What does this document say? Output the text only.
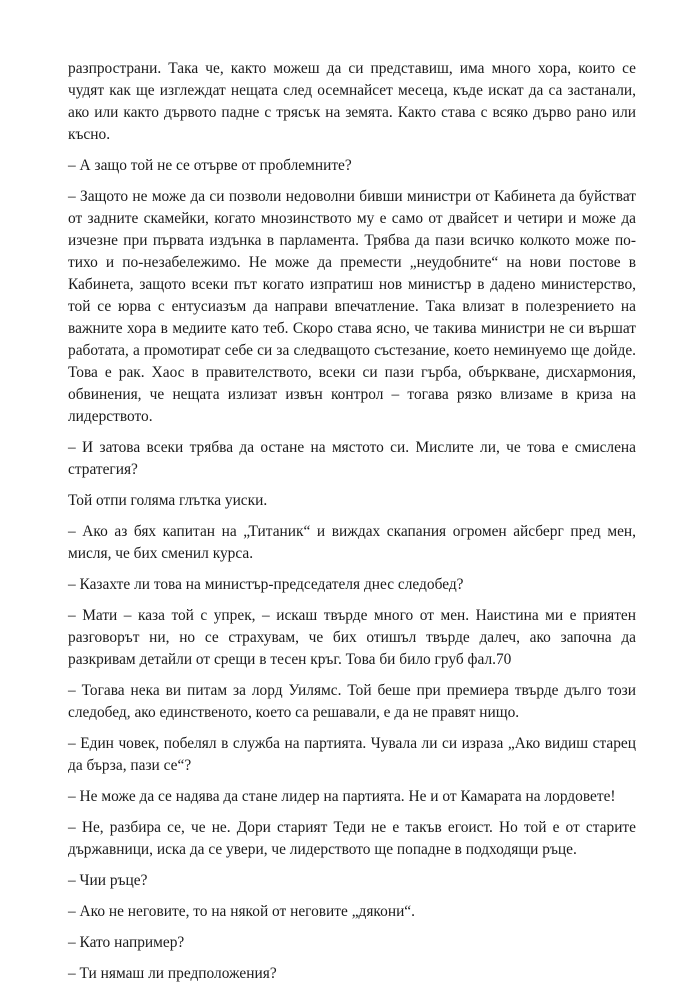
разпространи. Така че, както можеш да си представиш, има много хора, които се чудят как ще изглеждат нещата след осемнайсет месеца, къде искат да са застанали, ако или както дървото падне с трясък на земята. Както става с всяко дърво рано или късно.

– А защо той не се отърве от проблемните?

– Защото не може да си позволи недоволни бивши министри от Кабинета да буйстват от задните скамейки, когато мнозинството му е само от двайсет и четири и може да изчезне при първата издънка в парламента. Трябва да пази всичко колкото може по-тихо и по-незабележимо. Не може да премести „неудобните“ на нови постове в Кабинета, защото всеки път когато изпратиш нов министър в дадено министерство, той се юрва с ентусиазъм да направи впечатление. Така влизат в полезрението на важните хора в медиите като теб. Скоро става ясно, че такива министри не си вършат работата, а промотират себе си за следващото състезание, което неминуемо ще дойде. Това е рак. Хаос в правителството, всеки си пази гърба, объркване, дисхармония, обвинения, че нещата излизат извън контрол – тогава рязко влизаме в криза на лидерството.

– И затова всеки трябва да остане на мястото си. Мислите ли, че това е смислена стратегия?

Той отпи голяма глътка уиски.

– Ако аз бях капитан на „Титаник“ и виждах скапания огромен айсберг пред мен, мисля, че бих сменил курса.

– Казахте ли това на министър-председателя днес следобед?

– Мати – каза той с упрек, – искаш твърде много от мен. Наистина ми е приятен разговорът ни, но се страхувам, че бих отишъл твърде далеч, ако започна да разкривам детайли от срещи в тесен кръг. Това би било груб фал.70

– Тогава нека ви питам за лорд Уилямс. Той беше при премиера твърде дълго този следобед, ако единственото, което са решавали, е да не правят нищо.

– Един човек, побелял в служба на партията. Чувала ли си израза „Ако видиш старец да бърза, пази се“?

– Не може да се надява да стане лидер на партията. Не и от Камарата на лордовете!

– Не, разбира се, че не. Дори старият Теди не е такъв егоист. Но той е от старите държавници, иска да се увери, че лидерството ще попадне в подходящи ръце.

– Чии ръце?

– Ако не неговите, то на някой от неговите „дякони“.

– Като например?

– Ти нямаш ли предположения?
